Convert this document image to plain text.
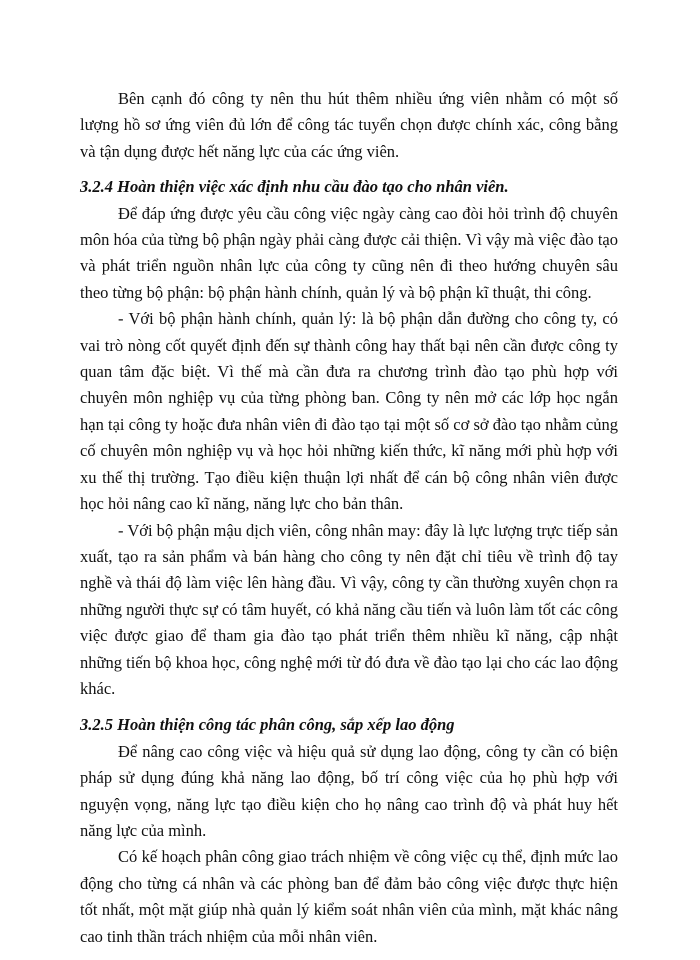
Bên cạnh đó công ty nên thu hút thêm nhiều ứng viên nhằm có một số lượng hồ sơ ứng viên đủ lớn để công tác tuyển chọn được chính xác, công bằng và tận dụng được hết năng lực của các ứng viên.

3.2.4 Hoàn thiện việc xác định nhu cầu đào tạo cho nhân viên.

Để đáp ứng được yêu cầu công việc ngày càng cao đòi hỏi trình độ chuyên môn hóa của từng bộ phận ngày phải càng được cải thiện. Vì vậy mà việc đào tạo và phát triển nguồn nhân lực của công ty cũng nên đi theo hướng chuyên sâu theo từng bộ phận: bộ phận hành chính, quản lý và bộ phận kĩ thuật, thi công.

- Với bộ phận hành chính, quản lý: là bộ phận dẫn đường cho công ty, có vai trò nòng cốt quyết định đến sự thành công hay thất bại nên cần được công ty quan tâm đặc biệt. Vì thế mà cần đưa ra chương trình đào tạo phù hợp với chuyên môn nghiệp vụ của từng phòng ban. Công ty nên mở các lớp học ngắn hạn tại công ty hoặc đưa nhân viên đi đào tạo tại một số cơ sở đào tạo nhằm củng cố chuyên môn nghiệp vụ và học hỏi những kiến thức, kĩ năng mới phù hợp với xu thế thị trường. Tạo điều kiện thuận lợi nhất để cán bộ công nhân viên được học hỏi nâng cao kĩ năng, năng lực cho bản thân.

- Với bộ phận mậu dịch viên, công nhân may: đây là lực lượng trực tiếp sản xuất, tạo ra sản phẩm và bán hàng cho công ty nên đặt chỉ tiêu về trình độ tay nghề và thái độ làm việc lên hàng đầu. Vì vậy, công ty cần thường xuyên chọn ra những người thực sự có tâm huyết, có khả năng cầu tiến và luôn làm tốt các công việc được giao để tham gia đào tạo phát triển thêm nhiều kĩ năng, cập nhật những tiến bộ khoa học, công nghệ mới từ đó đưa về đào tạo lại cho các lao động khác.

3.2.5 Hoàn thiện công tác phân công, sắp xếp lao động

Để nâng cao công việc và hiệu quả sử dụng lao động, công ty cần có biện pháp sử dụng đúng khả năng lao động, bố trí công việc của họ phù hợp với nguyện vọng, năng lực tạo điều kiện cho họ nâng cao trình độ và phát huy hết năng lực của mình.

Có kế hoạch phân công giao trách nhiệm về công việc cụ thể, định mức lao động cho từng cá nhân và các phòng ban để đảm bảo công việc được thực hiện tốt nhất, một mặt giúp nhà quản lý kiểm soát nhân viên của mình, mặt khác nâng cao tinh thần trách nhiệm của mỗi nhân viên.
